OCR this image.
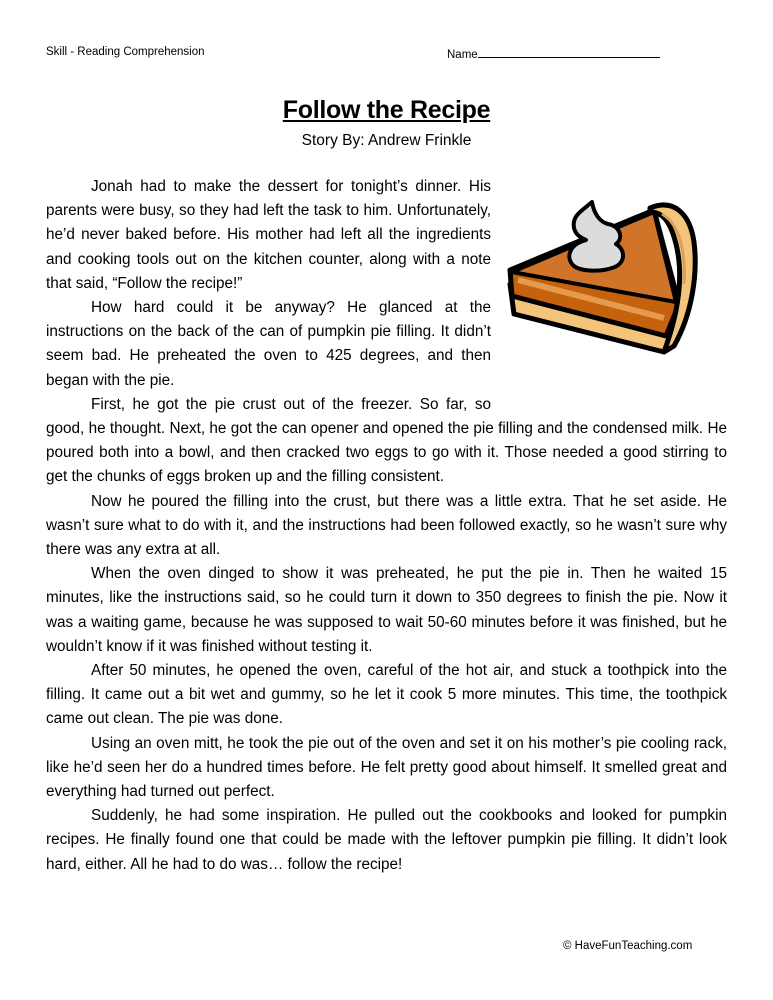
Skill - Reading Comprehension	Name
Follow the Recipe
Story By: Andrew Frinkle

Jonah had to make the dessert for tonight’s dinner. His parents were busy, so they had left the task to him. Unfortunately, he’d never baked before. His mother had left all the ingredients and cooking tools out on the kitchen counter, along with a note that said, “Follow the recipe!”

How hard could it be anyway? He glanced at the instructions on the back of the can of pumpkin pie filling. It didn’t seem bad. He preheated the oven to 425 degrees, and then began with the pie.

First, he got the pie crust out of the freezer. So far, so good, he thought. Next, he got the can opener and opened the pie filling and the condensed milk. He poured both into a bowl, and then cracked two eggs to go with it. Those needed a good stirring to get the chunks of eggs broken up and the filling consistent.

Now he poured the filling into the crust, but there was a little extra. That he set aside. He wasn’t sure what to do with it, and the instructions had been followed exactly, so he wasn’t sure why there was any extra at all.

When the oven dinged to show it was preheated, he put the pie in. Then he waited 15 minutes, like the instructions said, so he could turn it down to 350 degrees to finish the pie. Now it was a waiting game, because he was supposed to wait 50-60 minutes before it was finished, but he wouldn’t know if it was finished without testing it.

After 50 minutes, he opened the oven, careful of the hot air, and stuck a toothpick into the filling. It came out a bit wet and gummy, so he let it cook 5 more minutes. This time, the toothpick came out clean. The pie was done.

Using an oven mitt, he took the pie out of the oven and set it on his mother’s pie cooling rack, like he’d seen her do a hundred times before. He felt pretty good about himself. It smelled great and everything had turned out perfect.

Suddenly, he had some inspiration. He pulled out the cookbooks and looked for pumpkin recipes. He finally found one that could be made with the leftover pumpkin pie filling. It didn’t look hard, either. All he had to do was… follow the recipe!

© HaveFunTeaching.com
